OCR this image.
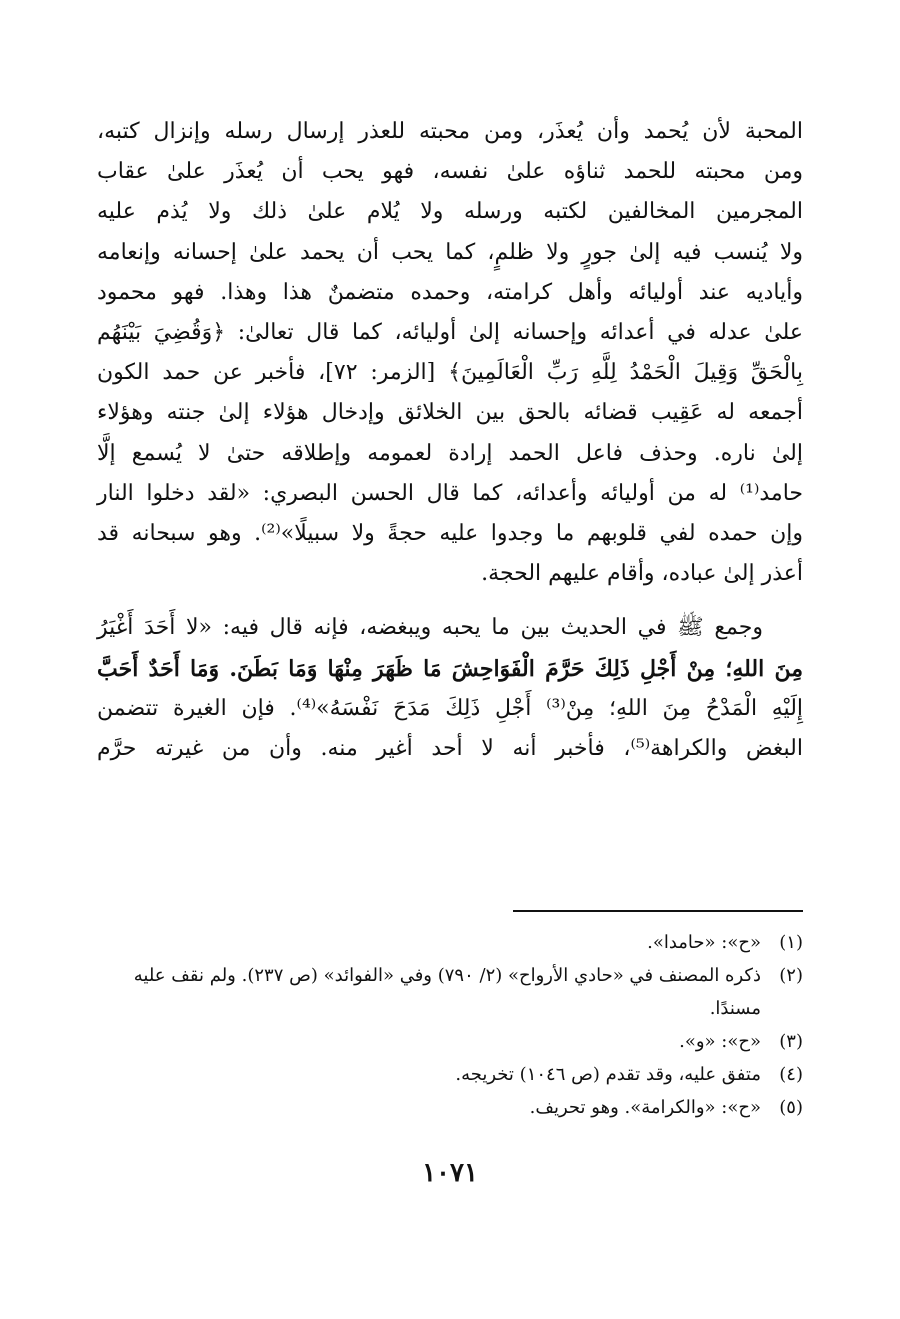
المحبة لأن يُحمد وأن يُعذَر، ومن محبته للعذر إرسال رسله وإنزال كتبه،
ومن محبته للحمد ثناؤه علىٰ نفسه، فهو يحب أن يُعذَر علىٰ عقاب
المجرمين المخالفين لكتبه ورسله ولا يُلام علىٰ ذلك ولا يُذم عليه
ولا يُنسب فيه إلىٰ جورٍ ولا ظلمٍ، كما يحب أن يحمد علىٰ إحسانه وإنعامه
وأياديه عند أوليائه وأهل كرامته، وحمده متضمنٌ هذا وهذا. فهو محمود
علىٰ عدله في أعدائه وإحسانه إلىٰ أوليائه، كما قال تعالىٰ: ﴿وَقُضِيَ بَيْنَهُم
بِالْحَقِّ وَقِيلَ الْحَمْدُ لِلَّهِ رَبِّ الْعَالَمِينَ﴾ [الزمر: ٧٢]، فأخبر عن حمد الكون
أجمعه له عَقِيب قضائه بالحق بين الخلائق وإدخال هؤلاء إلىٰ جنته وهؤلاء
إلىٰ ناره. وحذف فاعل الحمد إرادة لعمومه وإطلاقه حتىٰ لا يُسمع إلَّا
حامد⁽¹⁾ له من أوليائه وأعدائه، كما قال الحسن البصري: «لقد دخلوا النار
وإن حمده لفي قلوبهم ما وجدوا عليه حجةً ولا سبيلًا»⁽²⁾. وهو سبحانه قد
أعذر إلىٰ عباده، وأقام عليهم الحجة.

وجمع ﷺ في الحديث بين ما يحبه ويبغضه، فإنه قال فيه: «لا أَحَدَ أَغْيَرُ
مِنَ اللهِ؛ مِنْ أَجْلِ ذَلِكَ حَرَّمَ الْفَوَاحِشَ مَا ظَهَرَ مِنْهَا وَمَا بَطَنَ. وَمَا أَحَدٌ أَحَبَّ
إِلَيْهِ الْمَدْحُ مِنَ اللهِ؛ مِنْ⁽³⁾ أَجْلِ ذَلِكَ مَدَحَ نَفْسَهُ»⁽⁴⁾. فإن الغيرة تتضمن
البغض والكراهة⁽⁵⁾، فأخبر أنه لا أحد أغير منه. وأن من غيرته حرَّم

(١)
«ح»: «حامدا».
(٢)
ذكره المصنف في «حادي الأرواح» (٢/ ٧٩٠) وفي «الفوائد» (ص ٢٣٧). ولم نقف عليه مسندًا.
(٣)
«ح»: «و».
(٤)
متفق عليه، وقد تقدم (ص ١٠٤٦) تخريجه.
(٥)
«ح»: «والكرامة». وهو تحريف.
١٠٧١
